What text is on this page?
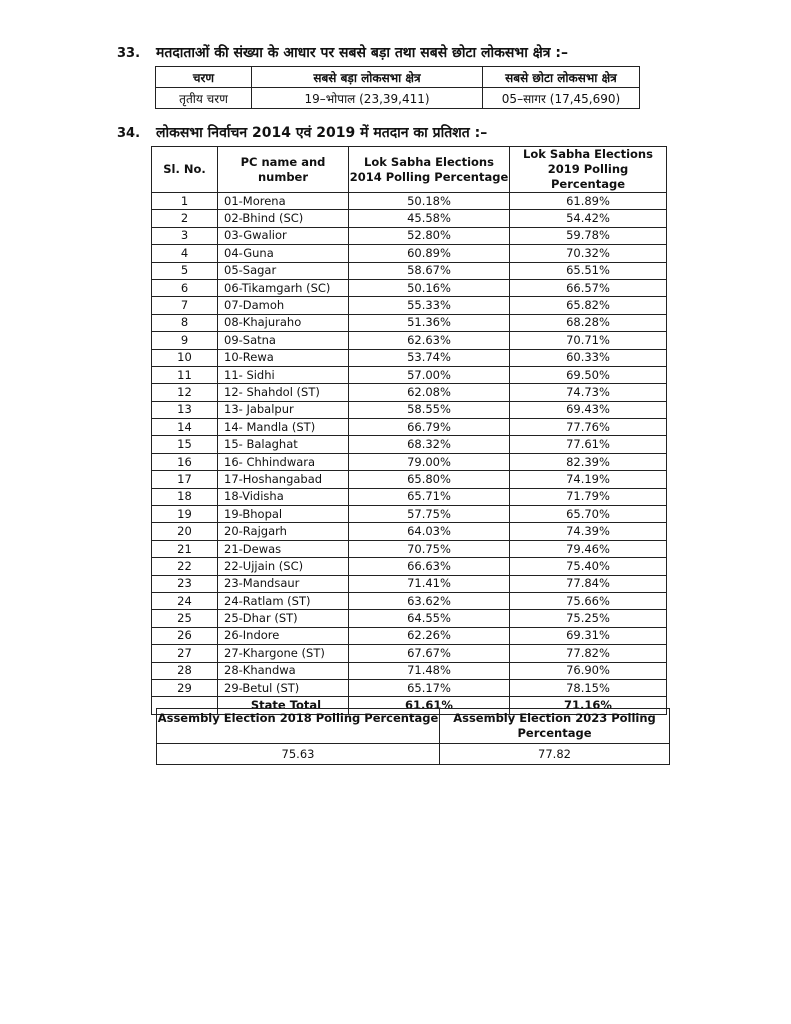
33. मतदाताओं की संख्या के आधार पर सबसे बड़ा तथा सबसे छोटा लोकसभा क्षेत्र :–
चरण	सबसे बड़ा लोकसभा क्षेत्र	सबसे छोटा लोकसभा क्षेत्र
तृतीय चरण	19–भोपाल (23,39,411)	05–सागर (17,45,690)
34. लोकसभा निर्वाचन 2014 एवं 2019 में मतदान का प्रतिशत :–
Sl. No.	PC name and number	Lok Sabha Elections 2014 Polling Percentage	Lok Sabha Elections 2019 Polling Percentage
1	01-Morena	50.18%	61.89%
2	02-Bhind (SC)	45.58%	54.42%
3	03-Gwalior	52.80%	59.78%
4	04-Guna	60.89%	70.32%
5	05-Sagar	58.67%	65.51%
6	06-Tikamgarh (SC)	50.16%	66.57%
7	07-Damoh	55.33%	65.82%
8	08-Khajuraho	51.36%	68.28%
9	09-Satna	62.63%	70.71%
10	10-Rewa	53.74%	60.33%
11	11- Sidhi	57.00%	69.50%
12	12- Shahdol (ST)	62.08%	74.73%
13	13- Jabalpur	58.55%	69.43%
14	14- Mandla (ST)	66.79%	77.76%
15	15- Balaghat	68.32%	77.61%
16	16- Chhindwara	79.00%	82.39%
17	17-Hoshangabad	65.80%	74.19%
18	18-Vidisha	65.71%	71.79%
19	19-Bhopal	57.75%	65.70%
20	20-Rajgarh	64.03%	74.39%
21	21-Dewas	70.75%	79.46%
22	22-Ujjain (SC)	66.63%	75.40%
23	23-Mandsaur	71.41%	77.84%
24	24-Ratlam (ST)	63.62%	75.66%
25	25-Dhar (ST)	64.55%	75.25%
26	26-Indore	62.26%	69.31%
27	27-Khargone (ST)	67.67%	77.82%
28	28-Khandwa	71.48%	76.90%
29	29-Betul (ST)	65.17%	78.15%
	State Total	61.61%	71.16%
Assembly Election 2018 Polling Percentage	Assembly Election 2023 Polling Percentage
75.63	77.82
